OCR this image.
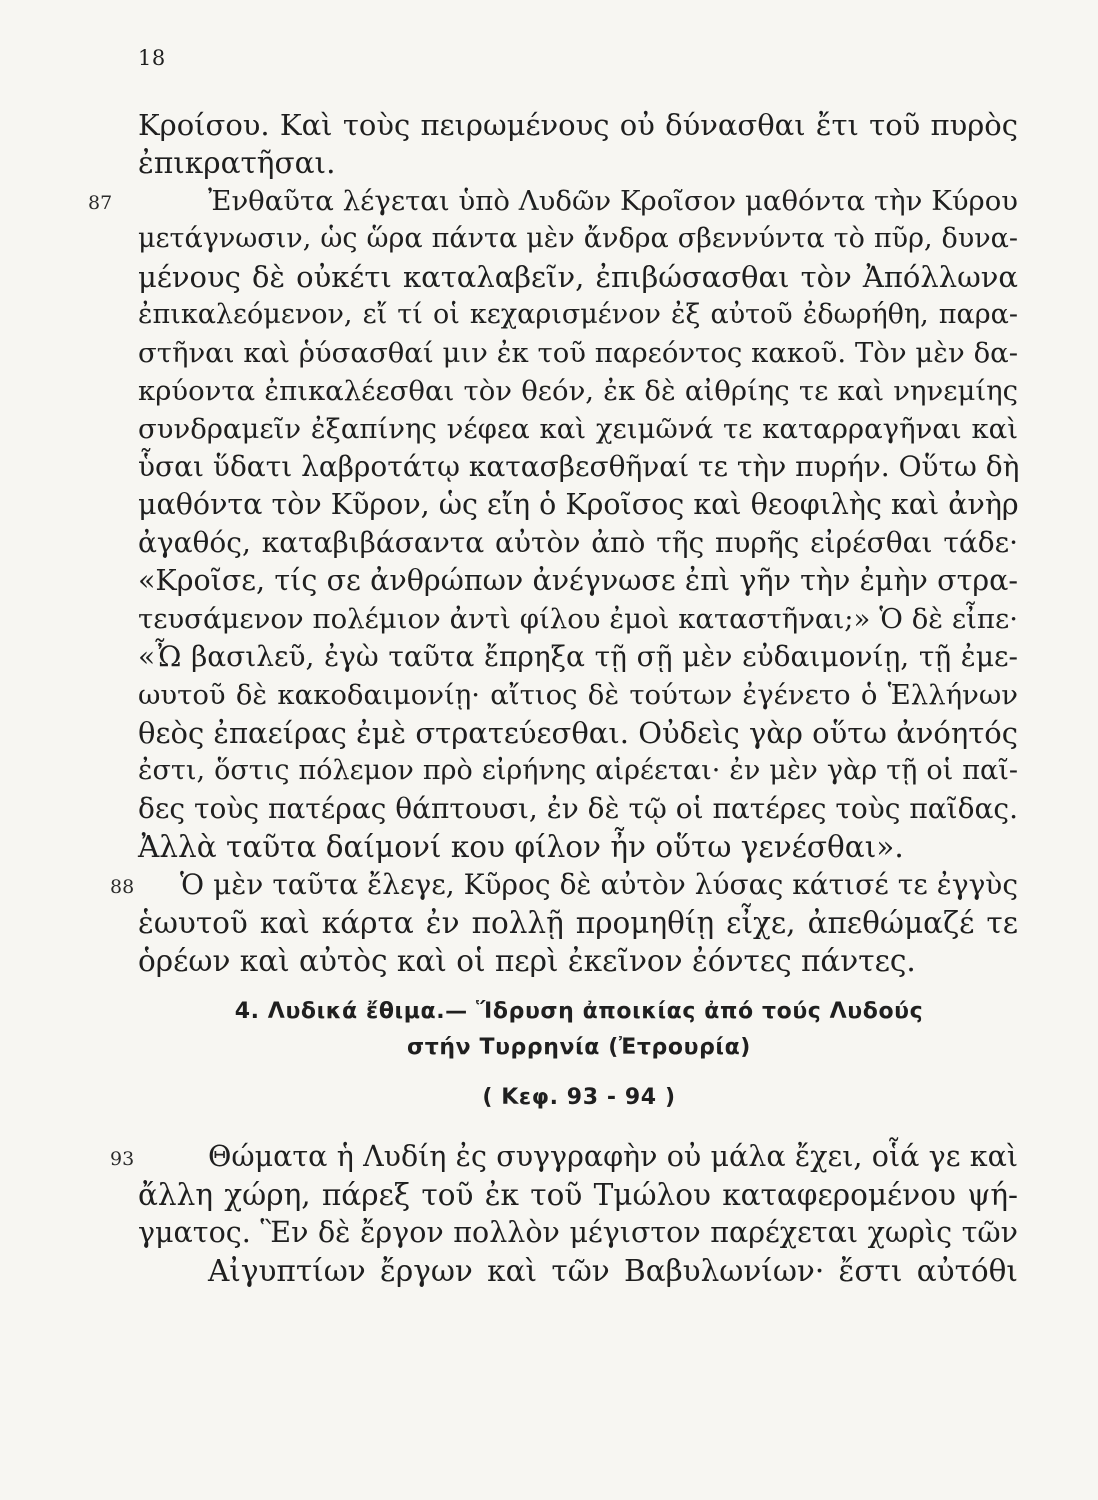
18
Κροίσου. Καὶ τοὺς πειρωμένους οὐ δύνασθαι ἔτι τοῦ πυρὸς
ἐπικρατῆσαι.
87	Ἐνθαῦτα λέγεται ὑπὸ Λυδῶν Κροῖσον μαθόντα τὴν Κύρου
μετάγνωσιν, ὡς ὥρα πάντα μὲν ἄνδρα σβεννύντα τὸ πῦρ, δυνα-
μένους δὲ οὐκέτι καταλαβεῖν, ἐπιβώσασθαι τὸν Ἀπόλλωνα
ἐπικαλεόμενον, εἴ τί οἱ κεχαρισμένον ἐξ αὐτοῦ ἐδωρήθη, παρα-
στῆναι καὶ ῥύσασθαί μιν ἐκ τοῦ παρεόντος κακοῦ. Τὸν μὲν δα-
κρύοντα ἐπικαλέεσθαι τὸν θεόν, ἐκ δὲ αἰθρίης τε καὶ νηνεμίης
συνδραμεῖν ἐξαπίνης νέφεα καὶ χειμῶνά τε καταρραγῆναι καὶ
ὗσαι ὕδατι λαβροτάτῳ κατασβεσθῆναί τε τὴν πυρήν. Οὕτω δὴ
μαθόντα τὸν Κῦρον, ὡς εἴη ὁ Κροῖσος καὶ θεοφιλὴς καὶ ἀνὴρ
ἀγαθός, καταβιβάσαντα αὐτὸν ἀπὸ τῆς πυρῆς εἰρέσθαι τάδε·
«Κροῖσε, τίς σε ἀνθρώπων ἀνέγνωσε ἐπὶ γῆν τὴν ἐμὴν στρα-
τευσάμενον πολέμιον ἀντὶ φίλου ἐμοὶ καταστῆναι;» Ὁ δὲ εἶπε·
«Ὦ βασιλεῦ, ἐγὼ ταῦτα ἔπρηξα τῇ σῇ μὲν εὐδαιμονίῃ, τῇ ἐμε-
ωυτοῦ δὲ κακοδαιμονίῃ· αἴτιος δὲ τούτων ἐγένετο ὁ Ἑλλήνων
θεὸς ἐπαείρας ἐμὲ στρατεύεσθαι. Οὐδεὶς γὰρ οὕτω ἀνόητός
ἐστι, ὅστις πόλεμον πρὸ εἰρήνης αἱρέεται· ἐν μὲν γὰρ τῇ οἱ παῖ-
δες τοὺς πατέρας θάπτουσι, ἐν δὲ τῷ οἱ πατέρες τοὺς παῖδας.
Ἀλλὰ ταῦτα δαίμονί κου φίλον ἦν οὕτω γενέσθαι».
88 Ὁ μὲν ταῦτα ἔλεγε, Κῦρος δὲ αὐτὸν λύσας κάτισέ τε ἐγγὺς
ἑωυτοῦ καὶ κάρτα ἐν πολλῇ προμηθίῃ εἶχε, ἀπεθώμαζέ τε
ὁρέων καὶ αὐτὸς καὶ οἱ περὶ ἐκεῖνον ἐόντες πάντες.
4. Λυδικά ἔθιμα.— Ἵδρυση ἀποικίας ἀπό τούς Λυδούς
στήν Τυρρηνία (Ἐτρουρία)
( Κεφ. 93 - 94 )
93	Θώματα ἡ Λυδίη ἐς συγγραφὴν οὐ μάλα ἔχει, οἷά γε καὶ
ἄλλη χώρη, πάρεξ τοῦ ἐκ τοῦ Τμώλου καταφερομένου ψή-
γματος. Ἓν δὲ ἔργον πολλὸν μέγιστον παρέχεται χωρὶς τῶν
Αἰγυπτίων ἔργων καὶ τῶν Βαβυλωνίων· ἔστι αὐτόθι
